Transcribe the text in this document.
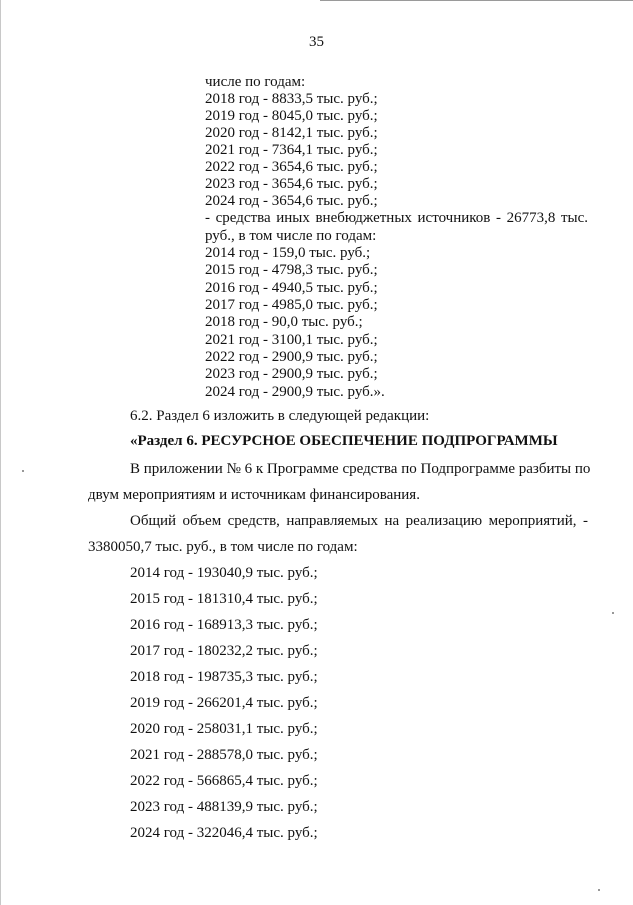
35
числе по годам:
2018 год - 8833,5 тыс. руб.;
2019 год - 8045,0 тыс. руб.;
2020 год - 8142,1 тыс. руб.;
2021 год - 7364,1 тыс. руб.;
2022 год - 3654,6 тыс. руб.;
2023 год - 3654,6 тыс. руб.;
2024 год - 3654,6 тыс. руб.;
- средства иных внебюджетных источников - 26773,8 тыс.
руб., в том числе по годам:
2014 год - 159,0 тыс. руб.;
2015 год - 4798,3 тыс. руб.;
2016 год - 4940,5 тыс. руб.;
2017 год - 4985,0 тыс. руб.;
2018 год - 90,0 тыс. руб.;
2021 год - 3100,1 тыс. руб.;
2022 год - 2900,9 тыс. руб.;
2023 год - 2900,9 тыс. руб.;
2024 год - 2900,9 тыс. руб.».
6.2. Раздел 6 изложить в следующей редакции:
«Раздел 6. РЕСУРСНОЕ ОБЕСПЕЧЕНИЕ ПОДПРОГРАММЫ
В приложении № 6 к Программе средства по Подпрограмме разбиты по
двум мероприятиям и источникам финансирования.
Общий объем средств, направляемых на реализацию мероприятий, -
3380050,7 тыс. руб., в том числе по годам:
2014 год - 193040,9 тыс. руб.;
2015 год - 181310,4 тыс. руб.;
2016 год - 168913,3 тыс. руб.;
2017 год - 180232,2 тыс. руб.;
2018 год - 198735,3 тыс. руб.;
2019 год - 266201,4 тыс. руб.;
2020 год - 258031,1 тыс. руб.;
2021 год - 288578,0 тыс. руб.;
2022 год - 566865,4 тыс. руб.;
2023 год - 488139,9 тыс. руб.;
2024 год - 322046,4 тыс. руб.;
